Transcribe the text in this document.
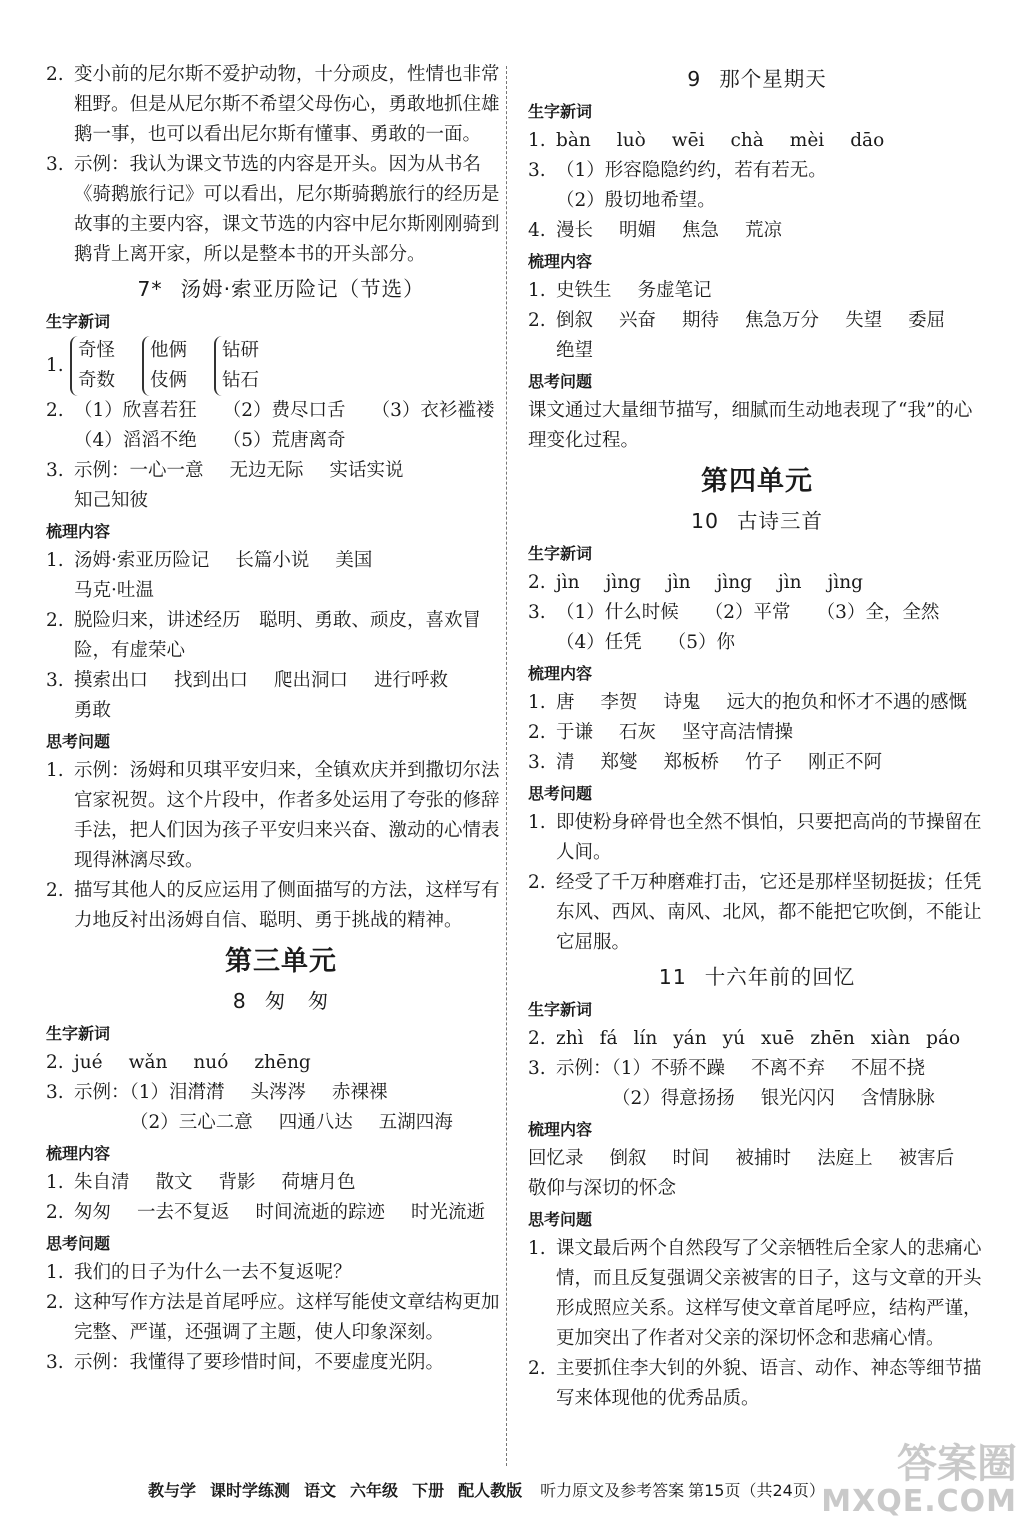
2. 变小前的尼尔斯不爱护动物，十分顽皮，性情也非常粗野。但是从尼尔斯不希望父母伤心，勇敢地抓住雄鹅一事，也可以看出尼尔斯有懂事、勇敢的一面。
3. 示例：我认为课文节选的内容是开头。因为从书名《骑鹅旅行记》可以看出，尼尔斯骑鹅旅行的经历是故事的主要内容，课文节选的内容中尼尔斯刚刚骑到鹅背上离开家，所以是整本书的开头部分。
7* 汤姆·索亚历险记（节选）
生字新词
1.
奇怪
奇数
他俩
伎俩
钻研
钻石
2. （1）欣喜若狂 （2）费尽口舌 （3）衣衫褴褛
（4）滔滔不绝 （5）荒唐离奇
3. 示例：一心一意 无边无际 实话实说
知己知彼
梳理内容
1. 汤姆·索亚历险记 长篇小说 美国
马克·吐温
2. 脱险归来，讲述经历　聪明、勇敢、顽皮，喜欢冒险，有虚荣心
3. 摸索出口 找到出口 爬出洞口 进行呼救
勇敢
思考问题
1. 示例：汤姆和贝琪平安归来，全镇欢庆并到撒切尔法官家祝贺。这个片段中，作者多处运用了夸张的修辞手法，把人们因为孩子平安归来兴奋、激动的心情表现得淋漓尽致。
2. 描写其他人的反应运用了侧面描写的方法，这样写有力地反衬出汤姆自信、聪明、勇于挑战的精神。
第三单元
8 匆　匆
生字新词
2. jué wǎn nuó zhēng
3. 示例：（1）泪潸潸 头涔涔 赤裸裸
（2）三心二意 四通八达 五湖四海
梳理内容
1. 朱自清 散文 背影 荷塘月色
2. 匆匆 一去不复返 时间流逝的踪迹 时光流逝
思考问题
1. 我们的日子为什么一去不复返呢？
2. 这种写作方法是首尾呼应。这样写能使文章结构更加完整、严谨，还强调了主题，使人印象深刻。
3. 示例：我懂得了要珍惜时间，不要虚度光阴。
9 那个星期天
生字新词
1. bàn luò wēi chà mèi dāo
3. （1）形容隐隐约约，若有若无。
（2）殷切地希望。
4. 漫长 明媚 焦急 荒凉
梳理内容
1. 史铁生 务虚笔记
2. 倒叙 兴奋 期待 焦急万分 失望 委屈
绝望
思考问题
课文通过大量细节描写，细腻而生动地表现了“我”的心理变化过程。
第四单元
10 古诗三首
生字新词
2. jìn jìng jìn jìng jìn jìng
3. （1）什么时候 （2）平常 （3）全，全然
（4）任凭 （5）你
梳理内容
1. 唐 李贺 诗鬼 远大的抱负和怀才不遇的感慨
2. 于谦 石灰 坚守高洁情操
3. 清 郑燮 郑板桥 竹子 刚正不阿
思考问题
1. 即使粉身碎骨也全然不惧怕，只要把高尚的节操留在人间。
2. 经受了千万种磨难打击，它还是那样坚韧挺拔；任凭东风、西风、南风、北风，都不能把它吹倒，不能让它屈服。
11 十六年前的回忆
生字新词
2. zhì fá lín yán yú xuē zhēn xiàn páo
3. 示例：（1）不骄不躁 不离不弃 不屈不挠
（2）得意扬扬 银光闪闪 含情脉脉
梳理内容
回忆录 倒叙 时间 被捕时 法庭上 被害后
敬仰与深切的怀念
思考问题
1. 课文最后两个自然段写了父亲牺牲后全家人的悲痛心情，而且反复强调父亲被害的日子，这与文章的开头形成照应关系。这样写使文章首尾呼应，结构严谨，更加突出了作者对父亲的深切怀念和悲痛心情。
2. 主要抓住李大钊的外貌、语言、动作、神态等细节描写来体现他的优秀品质。
教与学 课时学练测 语文 六年级 下册 配人教版 听力原文及参考答案 第15页（共24页）
答案圈
MXQE.COM
